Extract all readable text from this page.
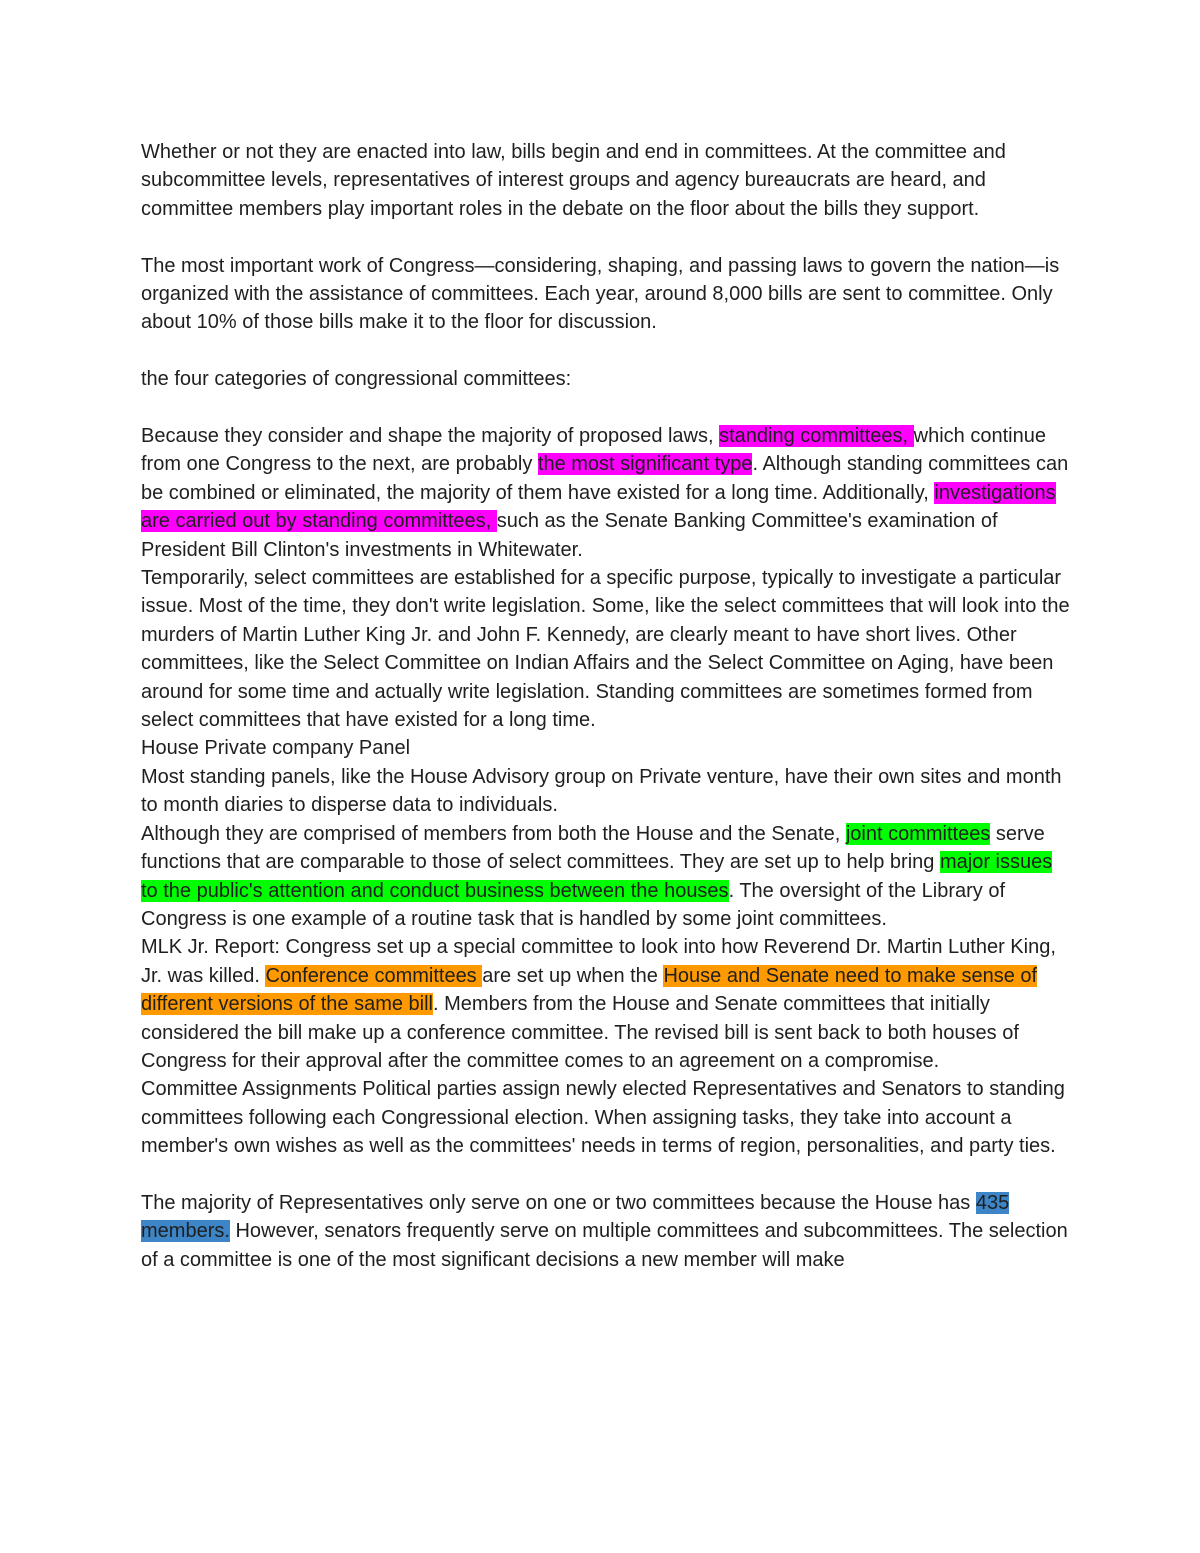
Whether or not they are enacted into law, bills begin and end in committees. At the committee and subcommittee levels, representatives of interest groups and agency bureaucrats are heard, and committee members play important roles in the debate on the floor about the bills they support.

The most important work of Congress—considering, shaping, and passing laws to govern the nation—is organized with the assistance of committees. Each year, around 8,000 bills are sent to committee. Only about 10% of those bills make it to the floor for discussion.

the four categories of congressional committees:

Because they consider and shape the majority of proposed laws, standing committees, which continue from one Congress to the next, are probably the most significant type. Although standing committees can be combined or eliminated, the majority of them have existed for a long time. Additionally, investigations are carried out by standing committees, such as the Senate Banking Committee's examination of President Bill Clinton's investments in Whitewater.

Temporarily, select committees are established for a specific purpose, typically to investigate a particular issue. Most of the time, they don't write legislation. Some, like the select committees that will look into the murders of Martin Luther King Jr. and John F. Kennedy, are clearly meant to have short lives. Other committees, like the Select Committee on Indian Affairs and the Select Committee on Aging, have been around for some time and actually write legislation. Standing committees are sometimes formed from select committees that have existed for a long time.

House Private company Panel

Most standing panels, like the House Advisory group on Private venture, have their own sites and month to month diaries to disperse data to individuals.

Although they are comprised of members from both the House and the Senate, joint committees serve functions that are comparable to those of select committees. They are set up to help bring major issues to the public's attention and conduct business between the houses. The oversight of the Library of Congress is one example of a routine task that is handled by some joint committees.

MLK Jr. Report: Congress set up a special committee to look into how Reverend Dr. Martin Luther King, Jr. was killed. Conference committees are set up when the House and Senate need to make sense of different versions of the same bill. Members from the House and Senate committees that initially considered the bill make up a conference committee. The revised bill is sent back to both houses of Congress for their approval after the committee comes to an agreement on a compromise.

Committee Assignments Political parties assign newly elected Representatives and Senators to standing committees following each Congressional election. When assigning tasks, they take into account a member's own wishes as well as the committees' needs in terms of region, personalities, and party ties.

The majority of Representatives only serve on one or two committees because the House has 435 members. However, senators frequently serve on multiple committees and subcommittees. The selection of a committee is one of the most significant decisions a new member will make
